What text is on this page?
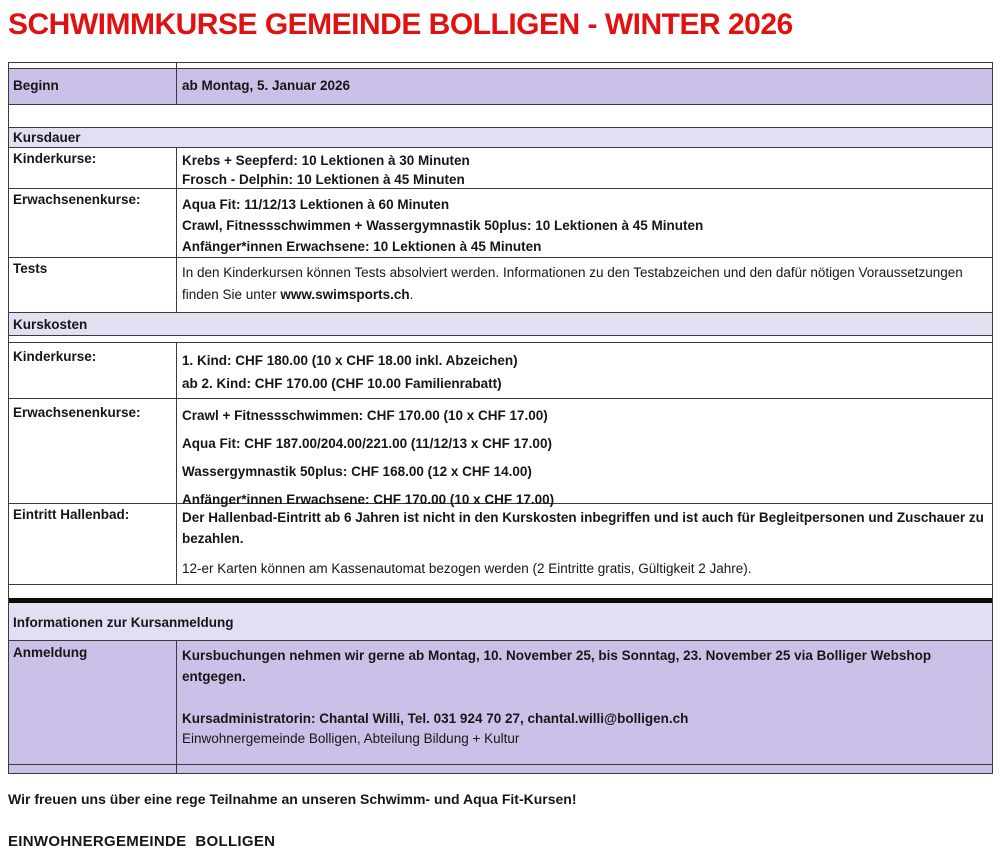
SCHWIMMKURSE GEMEINDE BOLLIGEN - WINTER 2026
Beginn	ab Montag, 5. Januar 2026
Kursdauer
Kinderkurse:	Krebs + Seepferd: 10 Lektionen à 30 Minuten
Frosch - Delphin: 10 Lektionen à 45 Minuten
Erwachsenenkurse:	Aqua Fit: 11/12/13 Lektionen à 60 Minuten
Crawl, Fitnessschwimmen + Wassergymnastik 50plus: 10 Lektionen à 45 Minuten
Anfänger*innen Erwachsene: 10 Lektionen à 45 Minuten
Tests	In den Kinderkursen können Tests absolviert werden. Informationen zu den Testabzeichen und den dafür nötigen Voraussetzungen finden Sie unter www.swimsports.ch.
Kurskosten
Kinderkurse:	1. Kind: CHF 180.00 (10 x CHF 18.00 inkl. Abzeichen)
ab 2. Kind: CHF 170.00 (CHF 10.00 Familienrabatt)
Erwachsenenkurse:	Crawl + Fitnessschwimmen: CHF 170.00 (10 x CHF 17.00)
Aqua Fit: CHF 187.00/204.00/221.00 (11/12/13 x CHF 17.00)
Wassergymnastik 50plus: CHF 168.00 (12 x CHF 14.00)
Anfänger*innen Erwachsene: CHF 170.00 (10 x CHF 17.00)
Eintritt Hallenbad:	Der Hallenbad-Eintritt ab 6 Jahren ist nicht in den Kurskosten inbegriffen und ist auch für Begleitpersonen und Zuschauer zu bezahlen.
12-er Karten können am Kassenautomat bezogen werden (2 Eintritte gratis, Gültigkeit 2 Jahre).
Informationen zur Kursanmeldung
Anmeldung	Kursbuchungen nehmen wir gerne ab Montag, 10. November 25, bis Sonntag, 23. November 25 via Bolliger Webshop entgegen.
Kursadministratorin: Chantal Willi, Tel. 031 924 70 27, chantal.willi@bolligen.ch
Einwohnergemeinde Bolligen, Abteilung Bildung + Kultur

Wir freuen uns über eine rege Teilnahme an unseren Schwimm- und Aqua Fit-Kursen!

EINWOHNERGEMEINDE  BOLLIGEN
